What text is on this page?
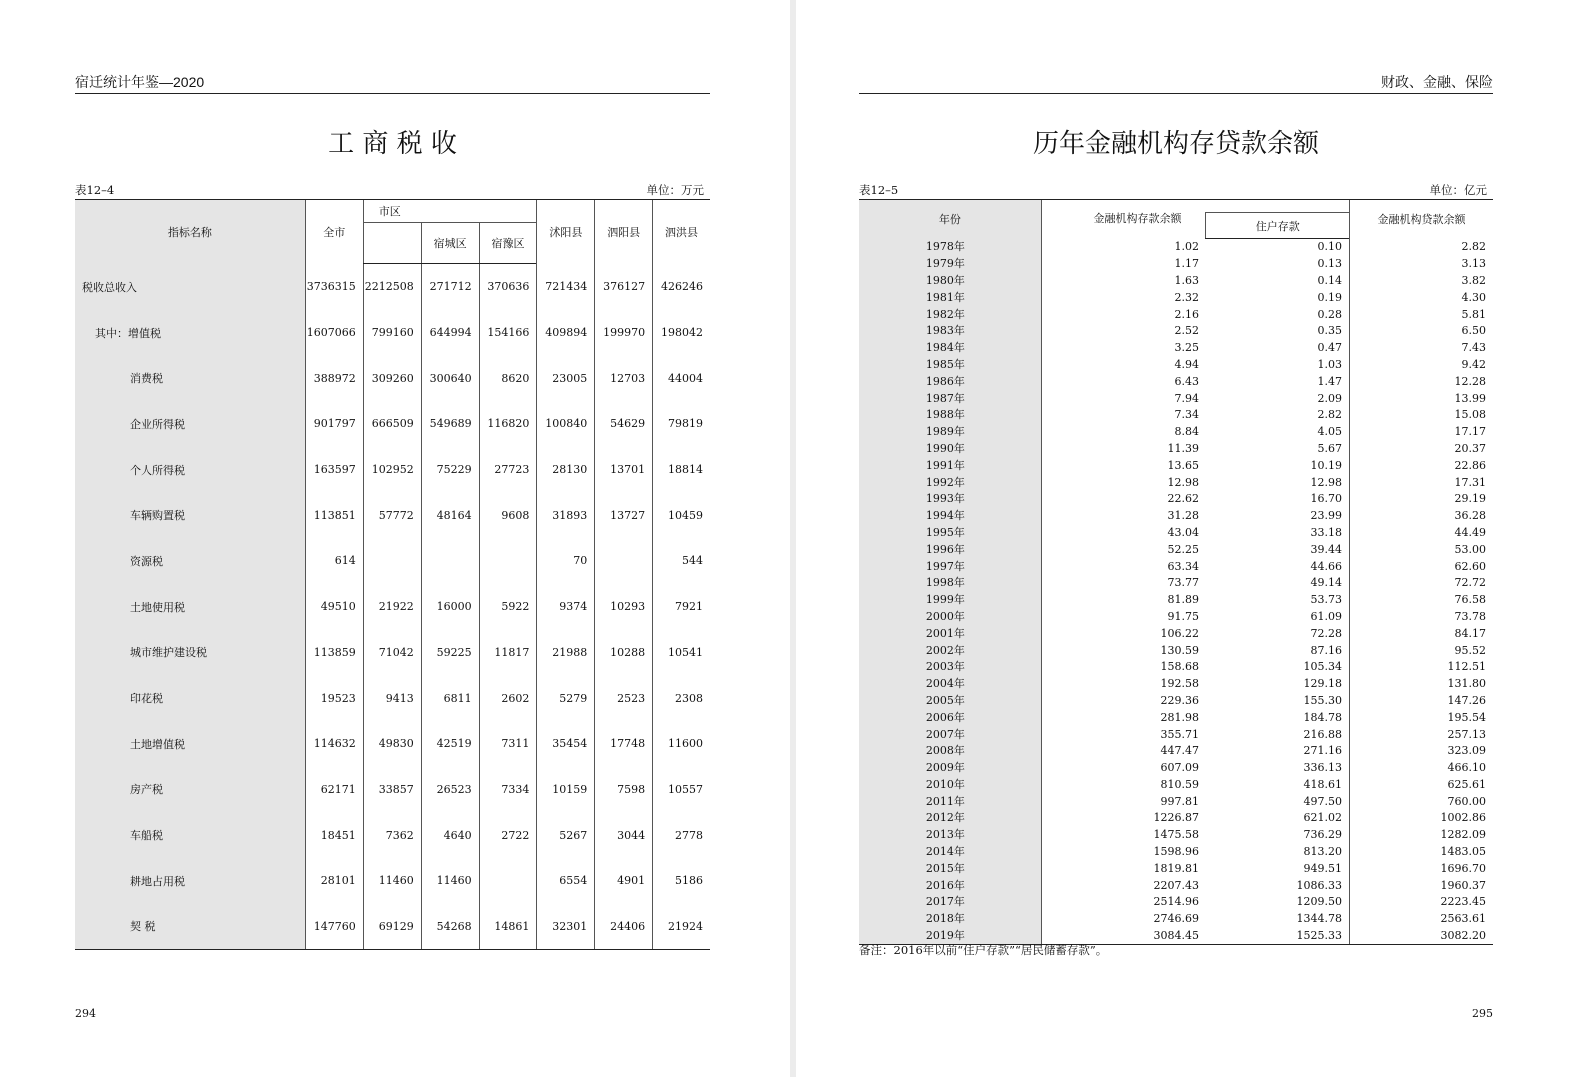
宿迁统计年鉴—2020
工 商 税 收
表12–4	单位：万元
指标名称	全市	市区			沭阳县	泗阳县	泗洪县
			宿城区	宿豫区			
税收总收入	3736315	2212508	271712	370636	721434	376127	426246
其中：增值税	1607066	799160	644994	154166	409894	199970	198042
消费税	388972	309260	300640	8620	23005	12703	44004
企业所得税	901797	666509	549689	116820	100840	54629	79819
个人所得税	163597	102952	75229	27723	28130	13701	18814
车辆购置税	113851	57772	48164	9608	31893	13727	10459
资源税	614				70		544
土地使用税	49510	21922	16000	5922	9374	10293	7921
城市维护建设税	113859	71042	59225	11817	21988	10288	10541
印花税	19523	9413	6811	2602	5279	2523	2308
土地增值税	114632	49830	42519	7311	35454	17748	11600
房产税	62171	33857	26523	7334	10159	7598	10557
车船税	18451	7362	4640	2722	5267	3044	2778
耕地占用税	28101	11460	11460		6554	4901	5186
契 税	147760	69129	54268	14861	32301	24406	21924
294
财政、金融、保险
历年金融机构存贷款余额
表12–5	单位：亿元
年份	金融机构存款余额		金融机构贷款余额
		住户存款	
1978年	1.02	0.10	2.82
1979年	1.17	0.13	3.13
1980年	1.63	0.14	3.82
1981年	2.32	0.19	4.30
1982年	2.16	0.28	5.81
1983年	2.52	0.35	6.50
1984年	3.25	0.47	7.43
1985年	4.94	1.03	9.42
1986年	6.43	1.47	12.28
1987年	7.94	2.09	13.99
1988年	7.34	2.82	15.08
1989年	8.84	4.05	17.17
1990年	11.39	5.67	20.37
1991年	13.65	10.19	22.86
1992年	12.98	12.98	17.31
1993年	22.62	16.70	29.19
1994年	31.28	23.99	36.28
1995年	43.04	33.18	44.49
1996年	52.25	39.44	53.00
1997年	63.34	44.66	62.60
1998年	73.77	49.14	72.72
1999年	81.89	53.73	76.58
2000年	91.75	61.09	73.78
2001年	106.22	72.28	84.17
2002年	130.59	87.16	95.52
2003年	158.68	105.34	112.51
2004年	192.58	129.18	131.80
2005年	229.36	155.30	147.26
2006年	281.98	184.78	195.54
2007年	355.71	216.88	257.13
2008年	447.47	271.16	323.09
2009年	607.09	336.13	466.10
2010年	810.59	418.61	625.61
2011年	997.81	497.50	760.00
2012年	1226.87	621.02	1002.86
2013年	1475.58	736.29	1282.09
2014年	1598.96	813.20	1483.05
2015年	1819.81	949.51	1696.70
2016年	2207.43	1086.33	1960.37
2017年	2514.96	1209.50	2223.45
2018年	2746.69	1344.78	2563.61
2019年	3084.45	1525.33	3082.20
备注：2016年以前“住户存款”“居民储蓄存款”。
295
